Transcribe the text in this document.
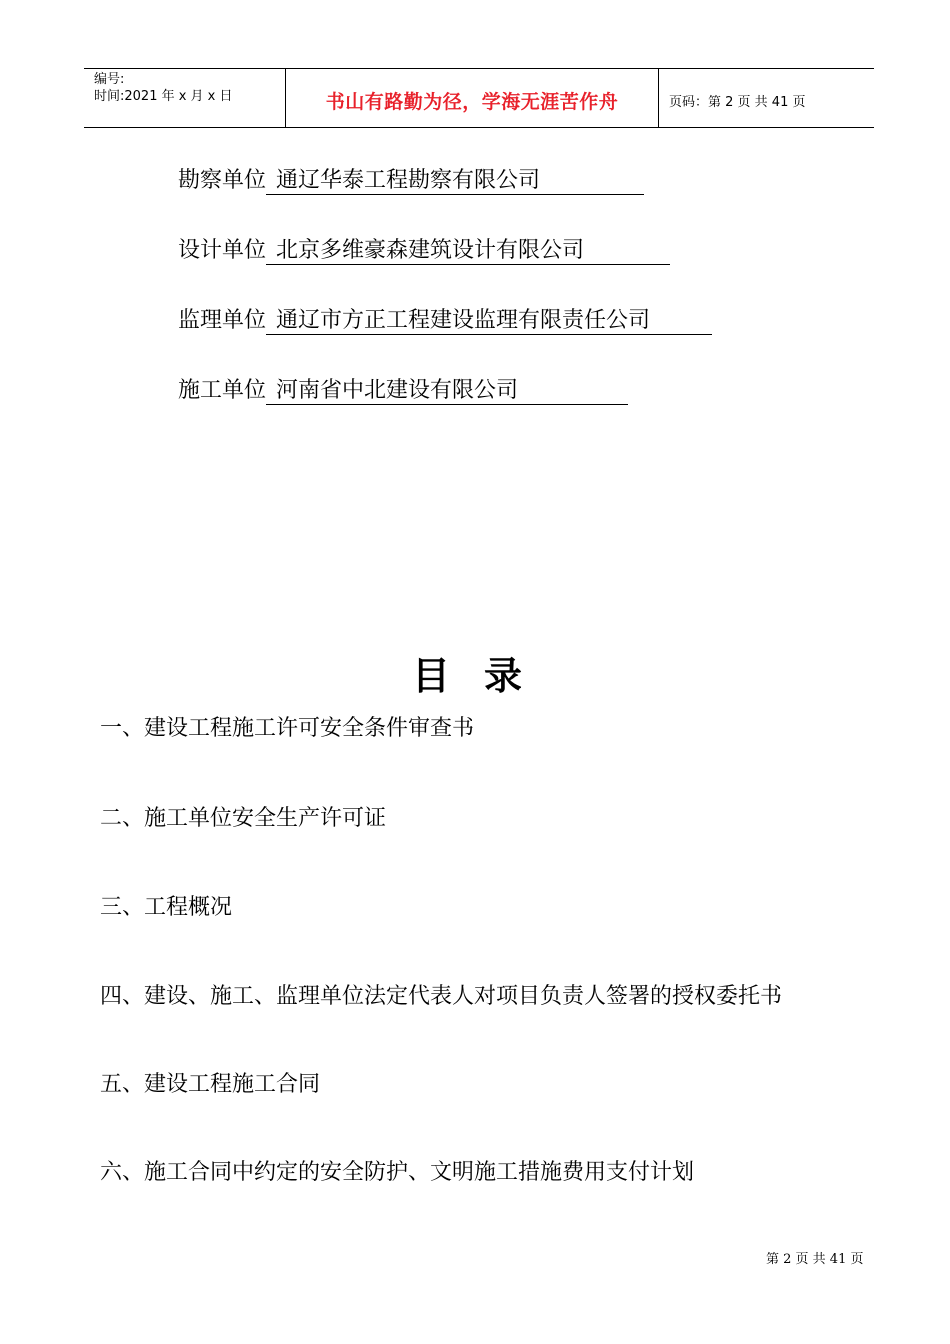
编号:
时间:2021 年 x 月 x 日	书山有路勤为径，学海无涯苦作舟	页码：第 2 页 共 41 页
勘察单位 通辽华泰工程勘察有限公司
设计单位 北京多维豪森建筑设计有限公司
监理单位 通辽市方正工程建设监理有限责任公司
施工单位 河南省中北建设有限公司
目录
一、建设工程施工许可安全条件审查书
二、施工单位安全生产许可证
三、工程概况
四、建设、施工、监理单位法定代表人对项目负责人签署的授权委托书
五、建设工程施工合同
六、施工合同中约定的安全防护、文明施工措施费用支付计划
第 2 页 共 41 页
